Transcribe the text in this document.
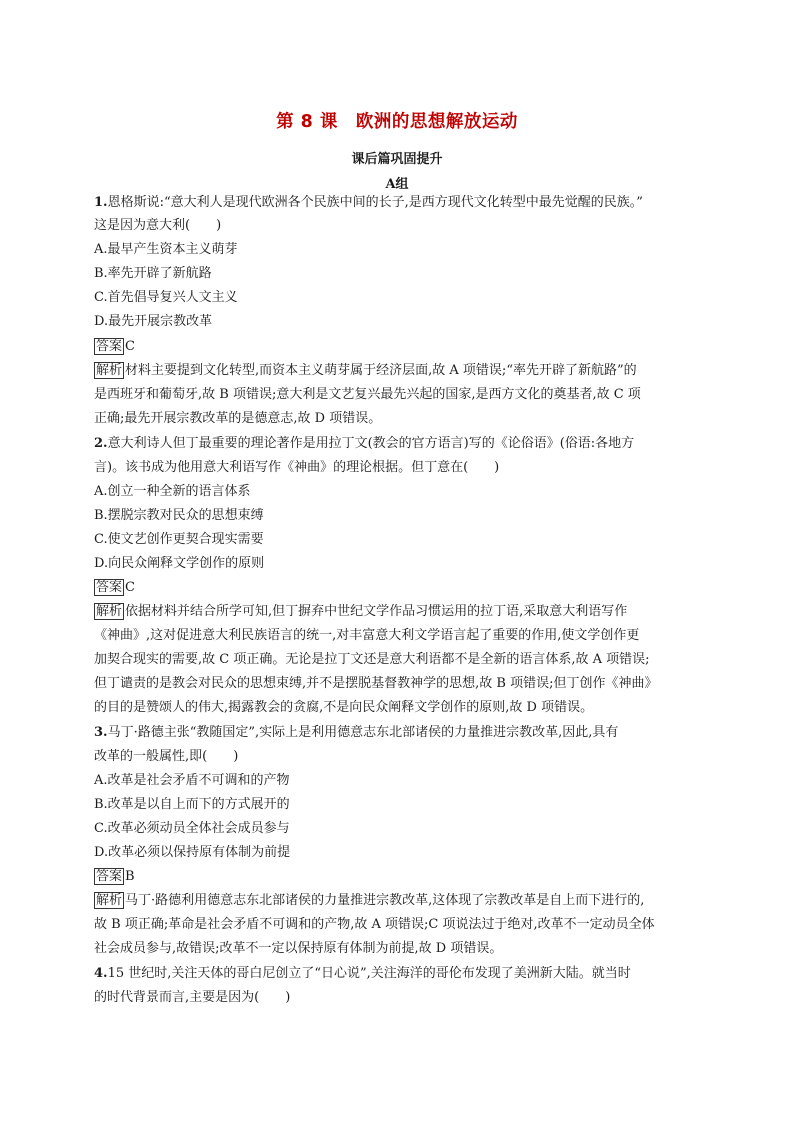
第 8 课　欧洲的思想解放运动
课后篇巩固提升
A组
1.恩格斯说:“意大利人是现代欧洲各个民族中间的长子,是西方现代文化转型中最先觉醒的民族。”
这是因为意大利(　　)
A.最早产生资本主义萌芽
B.率先开辟了新航路
C.首先倡导复兴人文主义
D.最先开展宗教改革
答案 C
解析 材料主要提到文化转型,而资本主义萌芽属于经济层面,故 A 项错误;“率先开辟了新航路”的
是西班牙和葡萄牙,故 B 项错误;意大利是文艺复兴最先兴起的国家,是西方文化的奠基者,故 C 项
正确;最先开展宗教改革的是德意志,故 D 项错误。
2.意大利诗人但丁最重要的理论著作是用拉丁文(教会的官方语言)写的《论俗语》(俗语:各地方
言)。该书成为他用意大利语写作《神曲》的理论根据。但丁意在(　　)
A.创立一种全新的语言体系
B.摆脱宗教对民众的思想束缚
C.使文艺创作更契合现实需要
D.向民众阐释文学创作的原则
答案 C
解析 依据材料并结合所学可知,但丁摒弃中世纪文学作品习惯运用的拉丁语,采取意大利语写作
《神曲》,这对促进意大利民族语言的统一,对丰富意大利文学语言起了重要的作用,使文学创作更
加契合现实的需要,故 C 项正确。无论是拉丁文还是意大利语都不是全新的语言体系,故 A 项错误;
但丁谴责的是教会对民众的思想束缚,并不是摆脱基督教神学的思想,故 B 项错误;但丁创作《神曲》
的目的是赞颂人的伟大,揭露教会的贪腐,不是向民众阐释文学创作的原则,故 D 项错误。
3.马丁·路德主张“教随国定”,实际上是利用德意志东北部诸侯的力量推进宗教改革,因此,具有
改革的一般属性,即(　　)
A.改革是社会矛盾不可调和的产物
B.改革是以自上而下的方式展开的
C.改革必须动员全体社会成员参与
D.改革必须以保持原有体制为前提
答案 B
解析 马丁·路德利用德意志东北部诸侯的力量推进宗教改革,这体现了宗教改革是自上而下进行的,
故 B 项正确;革命是社会矛盾不可调和的产物,故 A 项错误;C 项说法过于绝对,改革不一定动员全体
社会成员参与,故错误;改革不一定以保持原有体制为前提,故 D 项错误。
4.15 世纪时,关注天体的哥白尼创立了“日心说”,关注海洋的哥伦布发现了美洲新大陆。就当时
的时代背景而言,主要是因为(　　)
